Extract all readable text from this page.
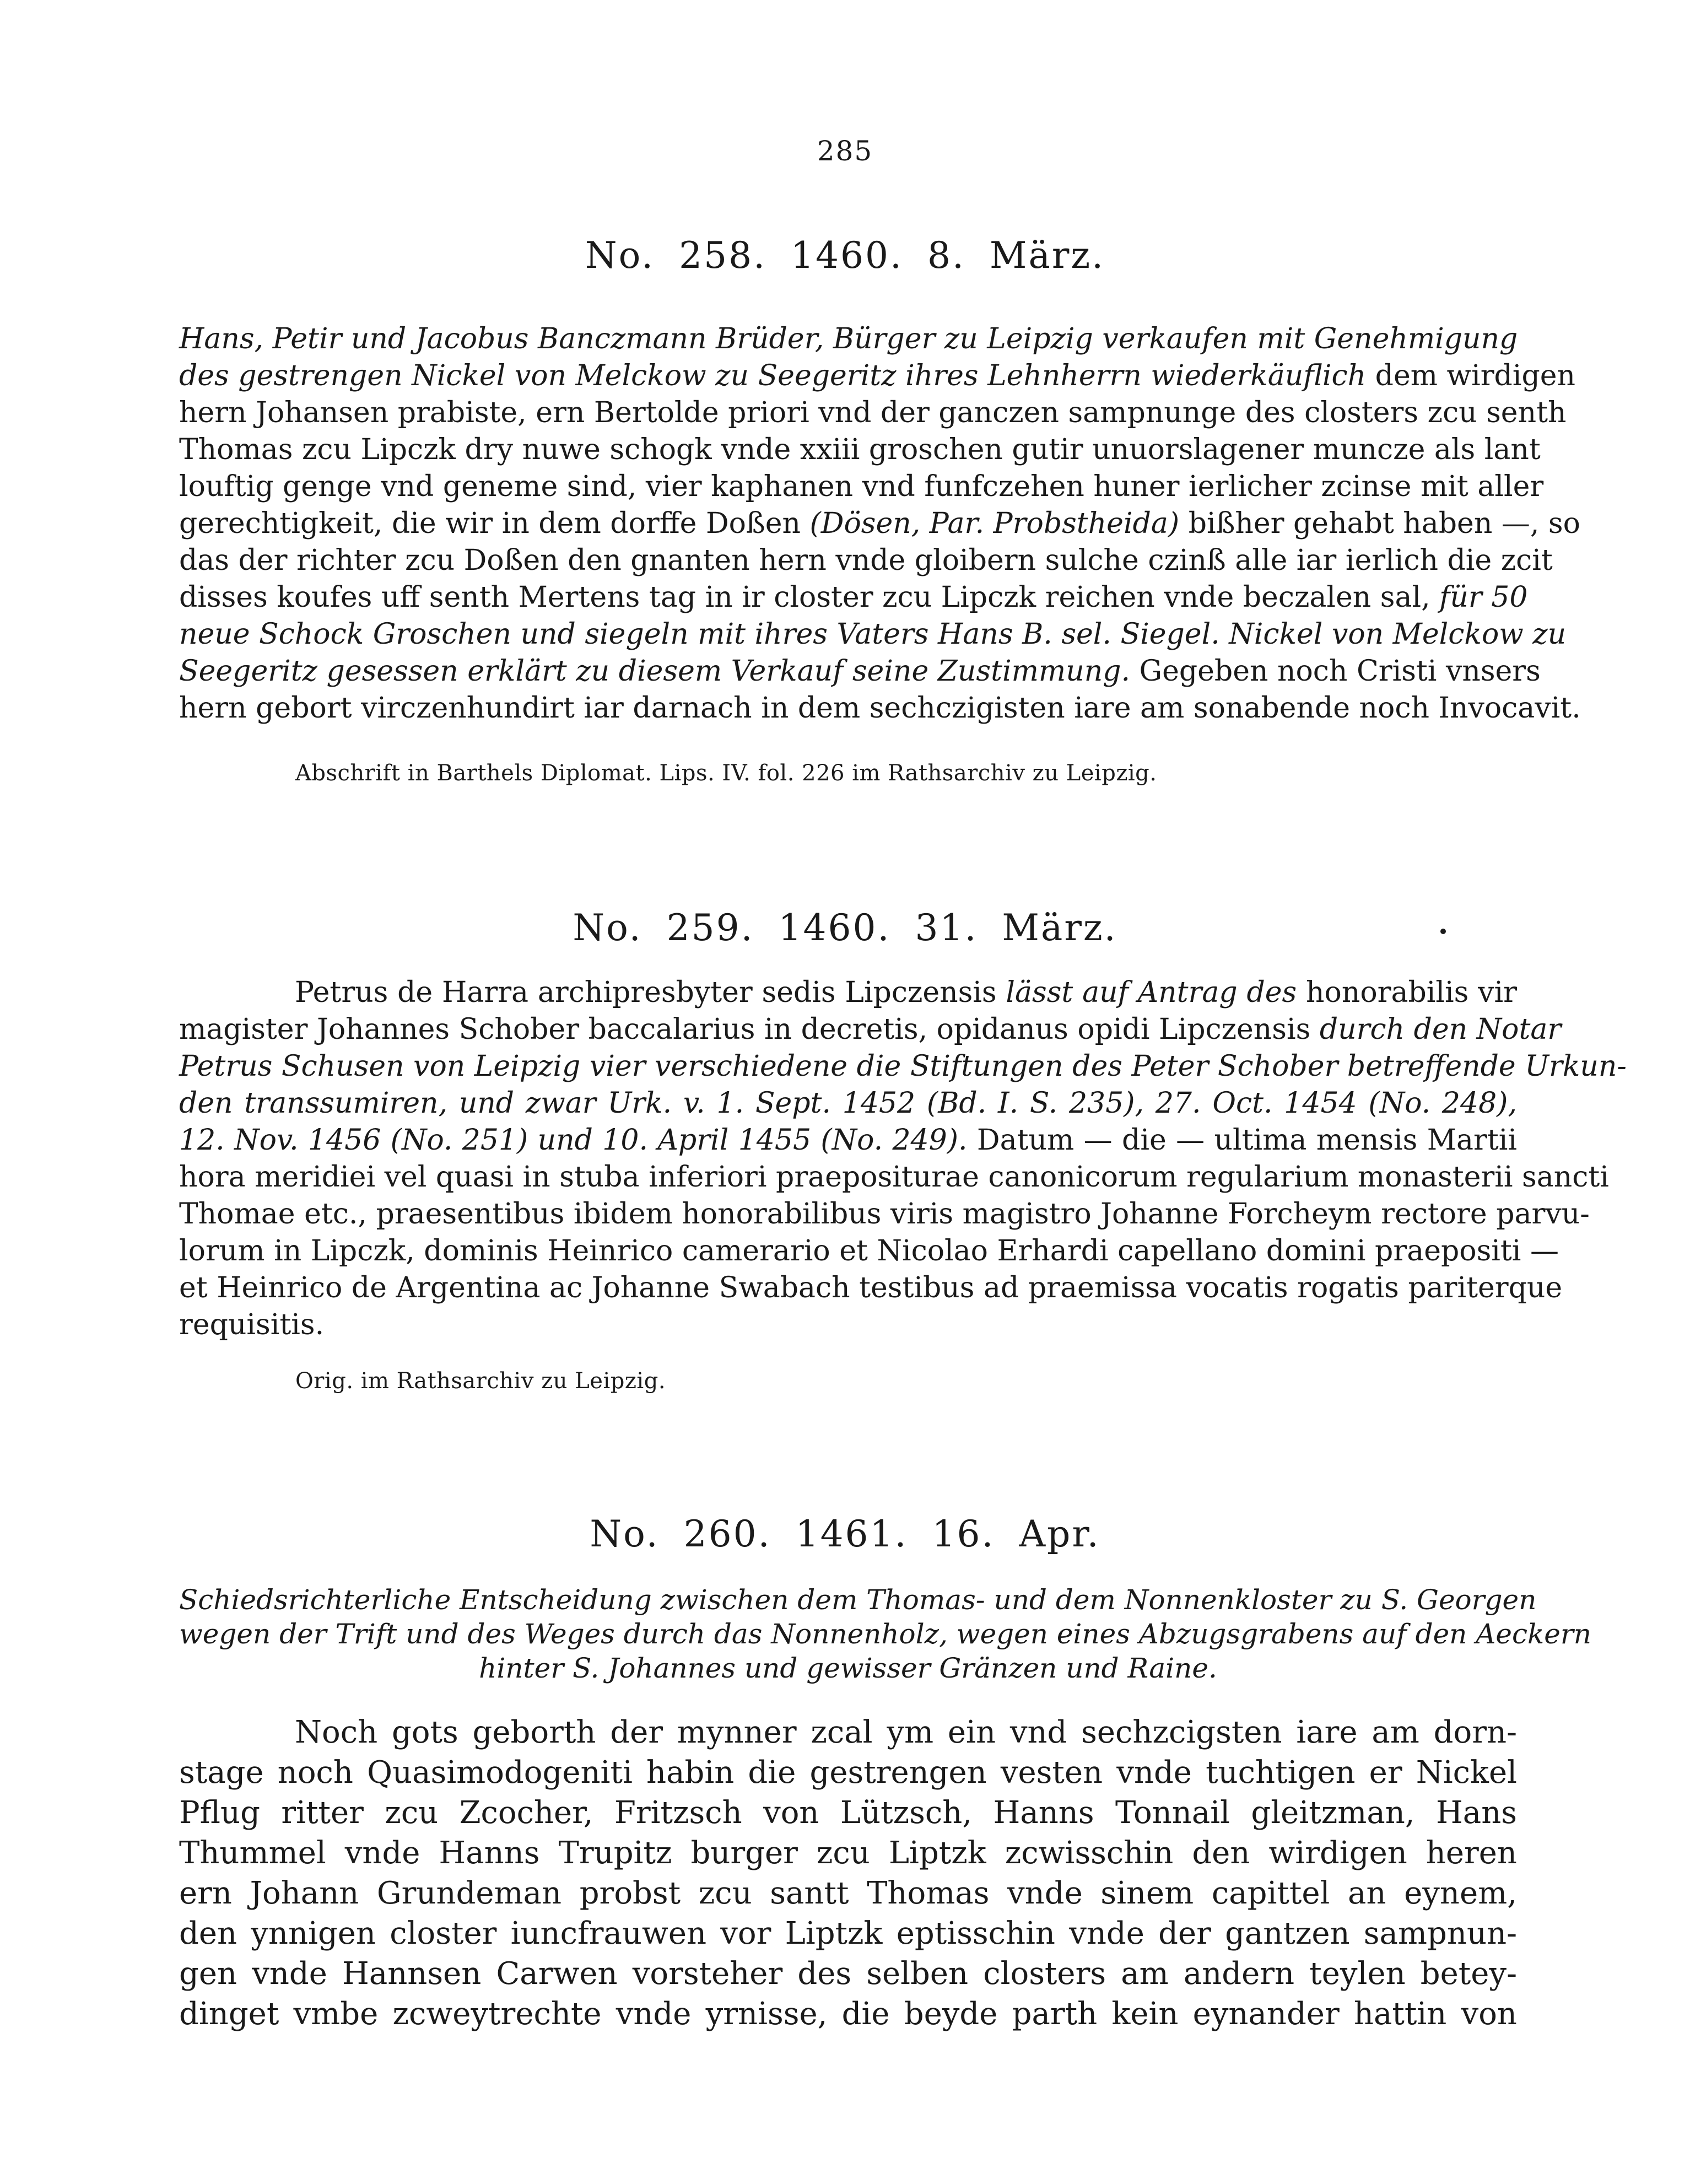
285
No. 258. 1460. 8. März.
Hans, Petir und Jacobus Banczmann Brüder, Bürger zu Leipzig verkaufen mit Genehmigung
des gestrengen Nickel von Melckow zu Seegeritz ihres Lehnherrn wiederkäuflich dem wirdigen
hern Johansen prabiste, ern Bertolde priori vnd der ganczen sampnunge des closters zcu senth
Thomas zcu Lipczk dry nuwe schogk vnde xxiii groschen gutir unuorslagener muncze als lant
louftig genge vnd geneme sind, vier kaphanen vnd funfczehen huner ierlicher zcinse mit aller
gerechtigkeit, die wir in dem dorffe Doßen (Dösen, Par. Probstheida) bißher gehabt haben —, so
das der richter zcu Doßen den gnanten hern vnde gloibern sulche czinß alle iar ierlich die zcit
disses koufes uff senth Mertens tag in ir closter zcu Lipczk reichen vnde beczalen sal, für 50
neue Schock Groschen und siegeln mit ihres Vaters Hans B. sel. Siegel. Nickel von Melckow zu
Seegeritz gesessen erklärt zu diesem Verkauf seine Zustimmung. Gegeben noch Cristi vnsers
hern gebort virczenhundirt iar darnach in dem sechczigisten iare am sonabende noch Invocavit.
Abschrift in Barthels Diplomat. Lips. IV. fol. 226 im Rathsarchiv zu Leipzig.
No. 259. 1460. 31. März.
Petrus de Harra archipresbyter sedis Lipczensis lässt auf Antrag des honorabilis vir
magister Johannes Schober baccalarius in decretis, opidanus opidi Lipczensis durch den Notar
Petrus Schusen von Leipzig vier verschiedene die Stiftungen des Peter Schober betreffende Urkun-
den transsumiren, und zwar Urk. v. 1. Sept. 1452 (Bd. I. S. 235), 27. Oct. 1454 (No. 248),
12. Nov. 1456 (No. 251) und 10. April 1455 (No. 249). Datum — die — ultima mensis Martii
hora meridiei vel quasi in stuba inferiori praepositurae canonicorum regularium monasterii sancti
Thomae etc., praesentibus ibidem honorabilibus viris magistro Johanne Forcheym rectore parvu-
lorum in Lipczk, dominis Heinrico camerario et Nicolao Erhardi capellano domini praepositi —
et Heinrico de Argentina ac Johanne Swabach testibus ad praemissa vocatis rogatis pariterque
requisitis.
Orig. im Rathsarchiv zu Leipzig.
No. 260. 1461. 16. Apr.
Schiedsrichterliche Entscheidung zwischen dem Thomas- und dem Nonnenkloster zu S. Georgen
wegen der Trift und des Weges durch das Nonnenholz, wegen eines Abzugsgrabens auf den Aeckern
hinter S. Johannes und gewisser Gränzen und Raine.
Noch gots geborth der mynner zcal ym ein vnd sechzcigsten iare am dorn-
stage noch Quasimodogeniti habin die gestrengen vesten vnde tuchtigen er Nickel
Pflug ritter zcu Zcocher, Fritzsch von Lützsch, Hanns Tonnail gleitzman, Hans
Thummel vnde Hanns Trupitz burger zcu Liptzk zcwisschin den wirdigen heren
ern Johann Grundeman probst zcu santt Thomas vnde sinem capittel an eynem,
den ynnigen closter iuncfrauwen vor Liptzk eptisschin vnde der gantzen sampnun-
gen vnde Hannsen Carwen vorsteher des selben closters am andern teylen betey-
dinget vmbe zcweytrechte vnde yrnisse, die beyde parth kein eynander hattin von
